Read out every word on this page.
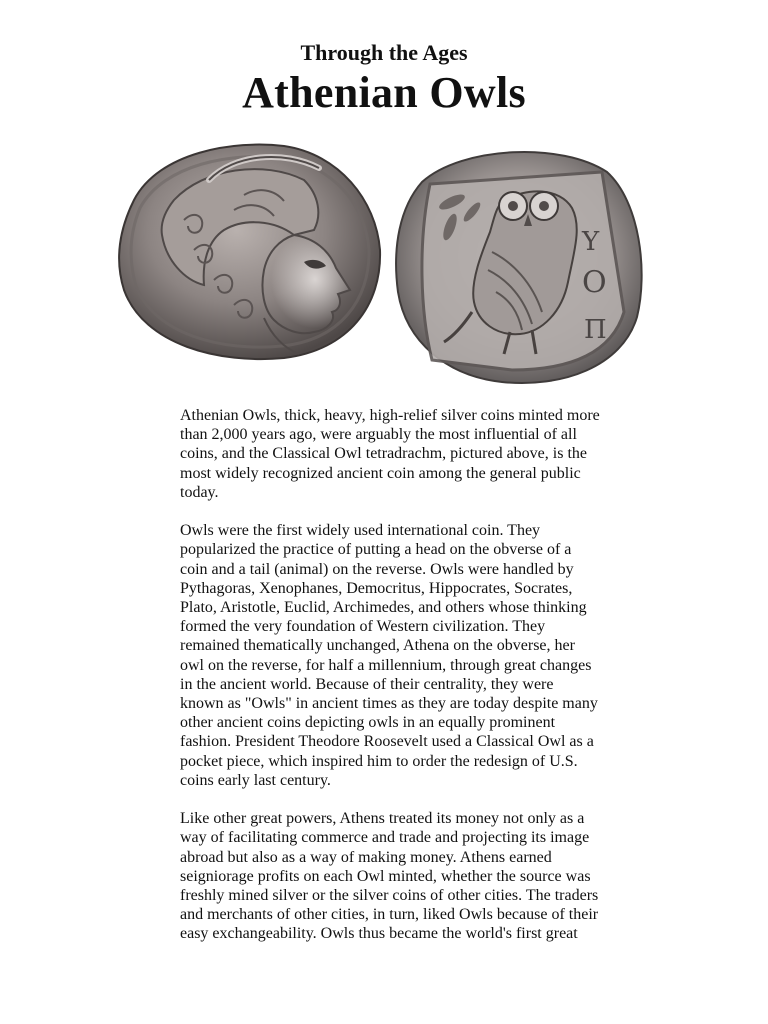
Through the Ages
Athenian Owls
Υ
Ο
Π

Athenian Owls, thick, heavy, high-relief silver coins minted more than 2,000 years ago, were arguably the most influential of all coins, and the Classical Owl tetradrachm, pictured above, is the most widely recognized ancient coin among the general public today.

Owls were the first widely used international coin. They popularized the practice of putting a head on the obverse of a coin and a tail (animal) on the reverse. Owls were handled by Pythagoras, Xenophanes, Democritus, Hippocrates, Socrates, Plato, Aristotle, Euclid, Archimedes, and others whose thinking formed the very foundation of Western civilization. They remained thematically unchanged, Athena on the obverse, her owl on the reverse, for half a millennium, through great changes in the ancient world. Because of their centrality, they were known as "Owls" in ancient times as they are today despite many other ancient coins depicting owls in an equally prominent fashion. President Theodore Roosevelt used a Classical Owl as a pocket piece, which inspired him to order the redesign of U.S. coins early last century.

Like other great powers, Athens treated its money not only as a way of facilitating commerce and trade and projecting its image abroad but also as a way of making money. Athens earned seigniorage profits on each Owl minted, whether the source was freshly mined silver or the silver coins of other cities. The traders and merchants of other cities, in turn, liked Owls because of their easy exchangeability. Owls thus became the world's first great
